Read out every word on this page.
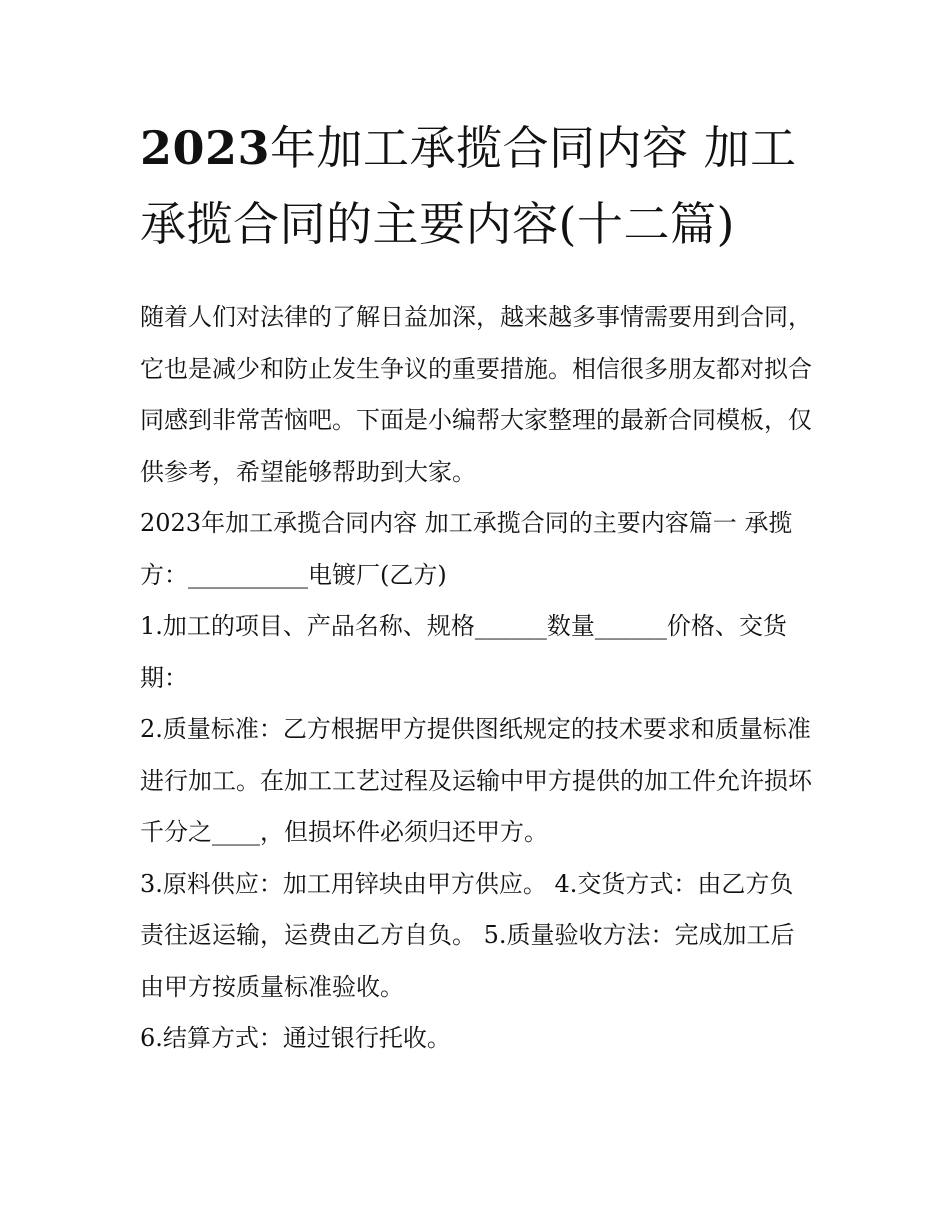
2023年加工承揽合同内容 加工承揽合同的主要内容(十二篇)

随着人们对法律的了解日益加深，越来越多事情需要用到合同，它也是减少和防止发生争议的重要措施。相信很多朋友都对拟合同感到非常苦恼吧。下面是小编帮大家整理的最新合同模板，仅供参考，希望能够帮助到大家。

2023年加工承揽合同内容 加工承揽合同的主要内容篇一 承揽方：__________电镀厂(乙方)

1.加工的项目、产品名称、规格______数量______价格、交货期：

2.质量标准：乙方根据甲方提供图纸规定的技术要求和质量标准进行加工。在加工工艺过程及运输中甲方提供的加工件允许损坏千分之____，但损坏件必须归还甲方。

3.原料供应：加工用锌块由甲方供应。 4.交货方式：由乙方负责往返运输，运费由乙方自负。 5.质量验收方法：完成加工后由甲方按质量标准验收。

6.结算方式：通过银行托收。
